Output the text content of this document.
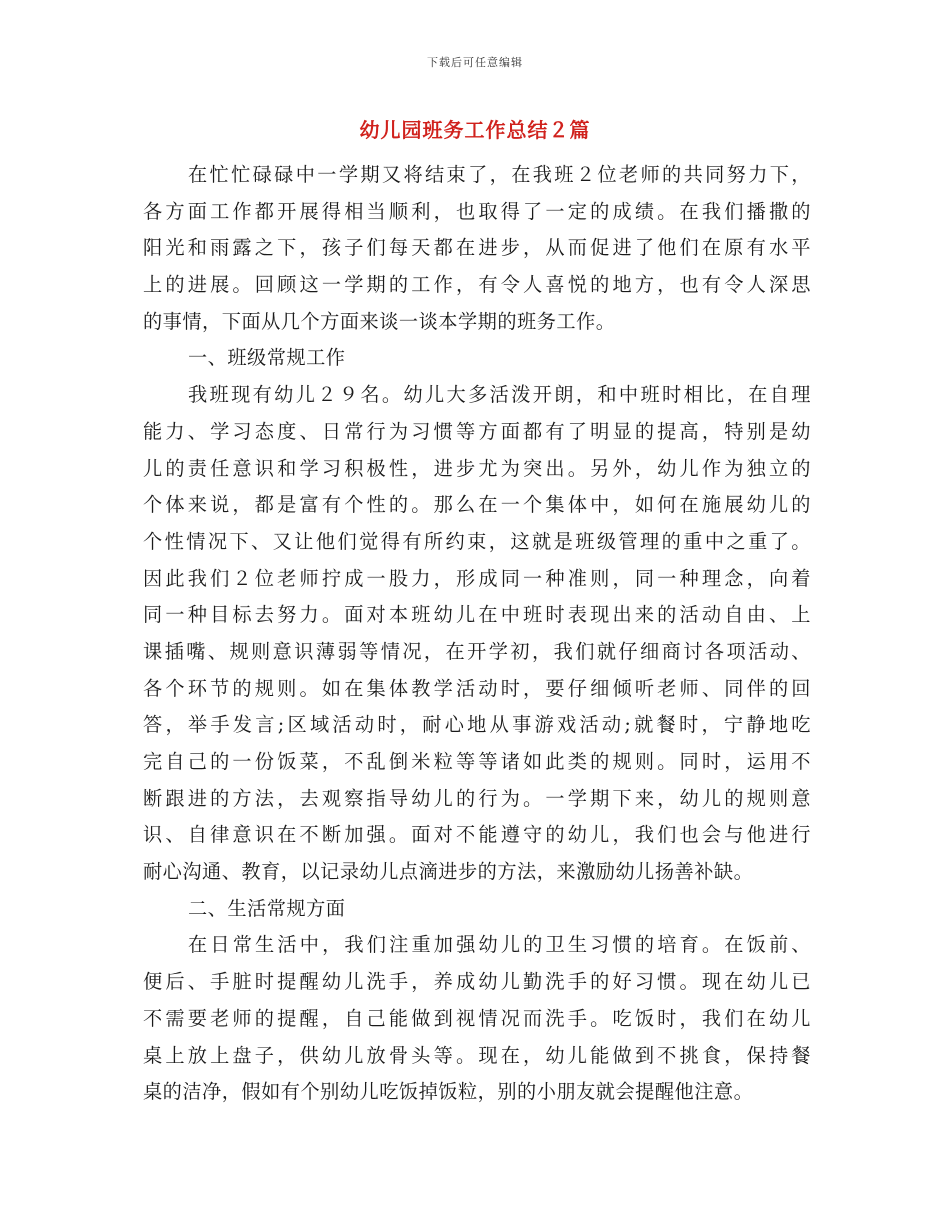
下载后可任意编辑
幼儿园班务工作总结２篇
在忙忙碌碌中一学期又将结束了，在我班２位老师的共同努力下，
各方面工作都开展得相当顺利，也取得了一定的成绩。在我们播撒的
阳光和雨露之下，孩子们每天都在进步，从而促进了他们在原有水平
上的进展。回顾这一学期的工作，有令人喜悦的地方，也有令人深思
的事情，下面从几个方面来谈一谈本学期的班务工作。
一、班级常规工作
我班现有幼儿２９名。幼儿大多活泼开朗，和中班时相比，在自理
能力、学习态度、日常行为习惯等方面都有了明显的提高，特别是幼
儿的责任意识和学习积极性，进步尤为突出。另外，幼儿作为独立的
个体来说，都是富有个性的。那么在一个集体中，如何在施展幼儿的
个性情况下、又让他们觉得有所约束，这就是班级管理的重中之重了。
因此我们２位老师拧成一股力，形成同一种准则，同一种理念，向着
同一种目标去努力。面对本班幼儿在中班时表现出来的活动自由、上
课插嘴、规则意识薄弱等情况，在开学初，我们就仔细商讨各项活动、
各个环节的规则。如在集体教学活动时，要仔细倾听老师、同伴的回
答，举手发言;区域活动时，耐心地从事游戏活动;就餐时，宁静地吃
完自己的一份饭菜，不乱倒米粒等等诸如此类的规则。同时，运用不
断跟进的方法，去观察指导幼儿的行为。一学期下来，幼儿的规则意
识、自律意识在不断加强。面对不能遵守的幼儿，我们也会与他进行
耐心沟通、教育，以记录幼儿点滴进步的方法，来激励幼儿扬善补缺。
二、生活常规方面
在日常生活中，我们注重加强幼儿的卫生习惯的培育。在饭前、
便后、手脏时提醒幼儿洗手，养成幼儿勤洗手的好习惯。现在幼儿已
不需要老师的提醒，自己能做到视情况而洗手。吃饭时，我们在幼儿
桌上放上盘子，供幼儿放骨头等。现在，幼儿能做到不挑食，保持餐
桌的洁净，假如有个别幼儿吃饭掉饭粒，别的小朋友就会提醒他注意。
